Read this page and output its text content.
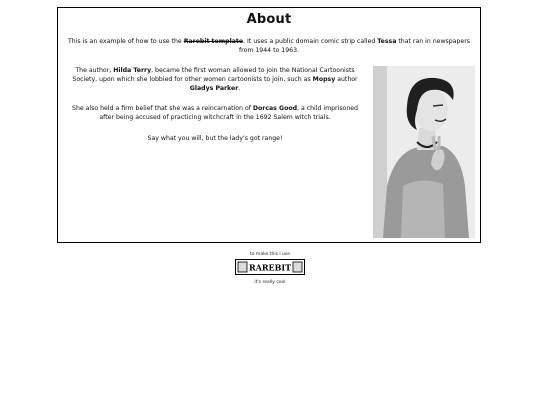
About

This is an example of how to use the Rarebit template. It uses a public domain comic strip called Tessa that ran in newspapers from 1944 to 1963.

The author, Hilda Terry, became the first woman allowed to join the National Cartoonists Society, upon which she lobbied for other women cartoonists to join, such as Mopsy author Gladys Parker.

She also held a firm belief that she was a reincarnation of Dorcas Good, a child imprisoned after being accused of practicing witchcraft in the 1692 Salem witch trials.

Say what you will, but the lady's got range!

to make this i use
RAREBIT
it's really cool
